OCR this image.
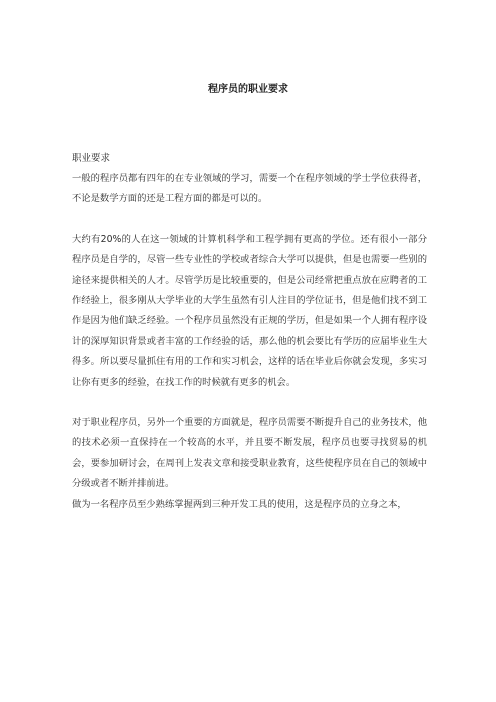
程序员的职业要求

职业要求

一般的程序员都有四年的在专业领域的学习，需要一个在程序领域的学士学位获得者，不论是数学方面的还是工程方面的都是可以的。

大约有20%的人在这一领域的计算机科学和工程学拥有更高的学位。还有很小一部分程序员是自学的，尽管一些专业性的学校或者综合大学可以提供，但是也需要一些别的途径来提供相关的人才。尽管学历是比较重要的，但是公司经常把重点放在应聘者的工作经验上，很多刚从大学毕业的大学生虽然有引人注目的学位证书，但是他们找不到工作是因为他们缺乏经验。一个程序员虽然没有正规的学历，但是如果一个人拥有程序设计的深厚知识背景或者丰富的工作经验的话，那么他的机会要比有学历的应届毕业生大得多。所以要尽量抓住有用的工作和实习机会，这样的话在毕业后你就会发现，多实习让你有更多的经验，在找工作的时候就有更多的机会。

对于职业程序员，另外一个重要的方面就是，程序员需要不断提升自己的业务技术，他的技术必须一直保持在一个较高的水平，并且要不断发展，程序员也要寻找贸易的机会，要参加研讨会，在周刊上发表文章和接受职业教育，这些使程序员在自己的领域中分级或者不断并排前进。

做为一名程序员至少熟练掌握两到三种开发工具的使用，这是程序员的立身之本，
